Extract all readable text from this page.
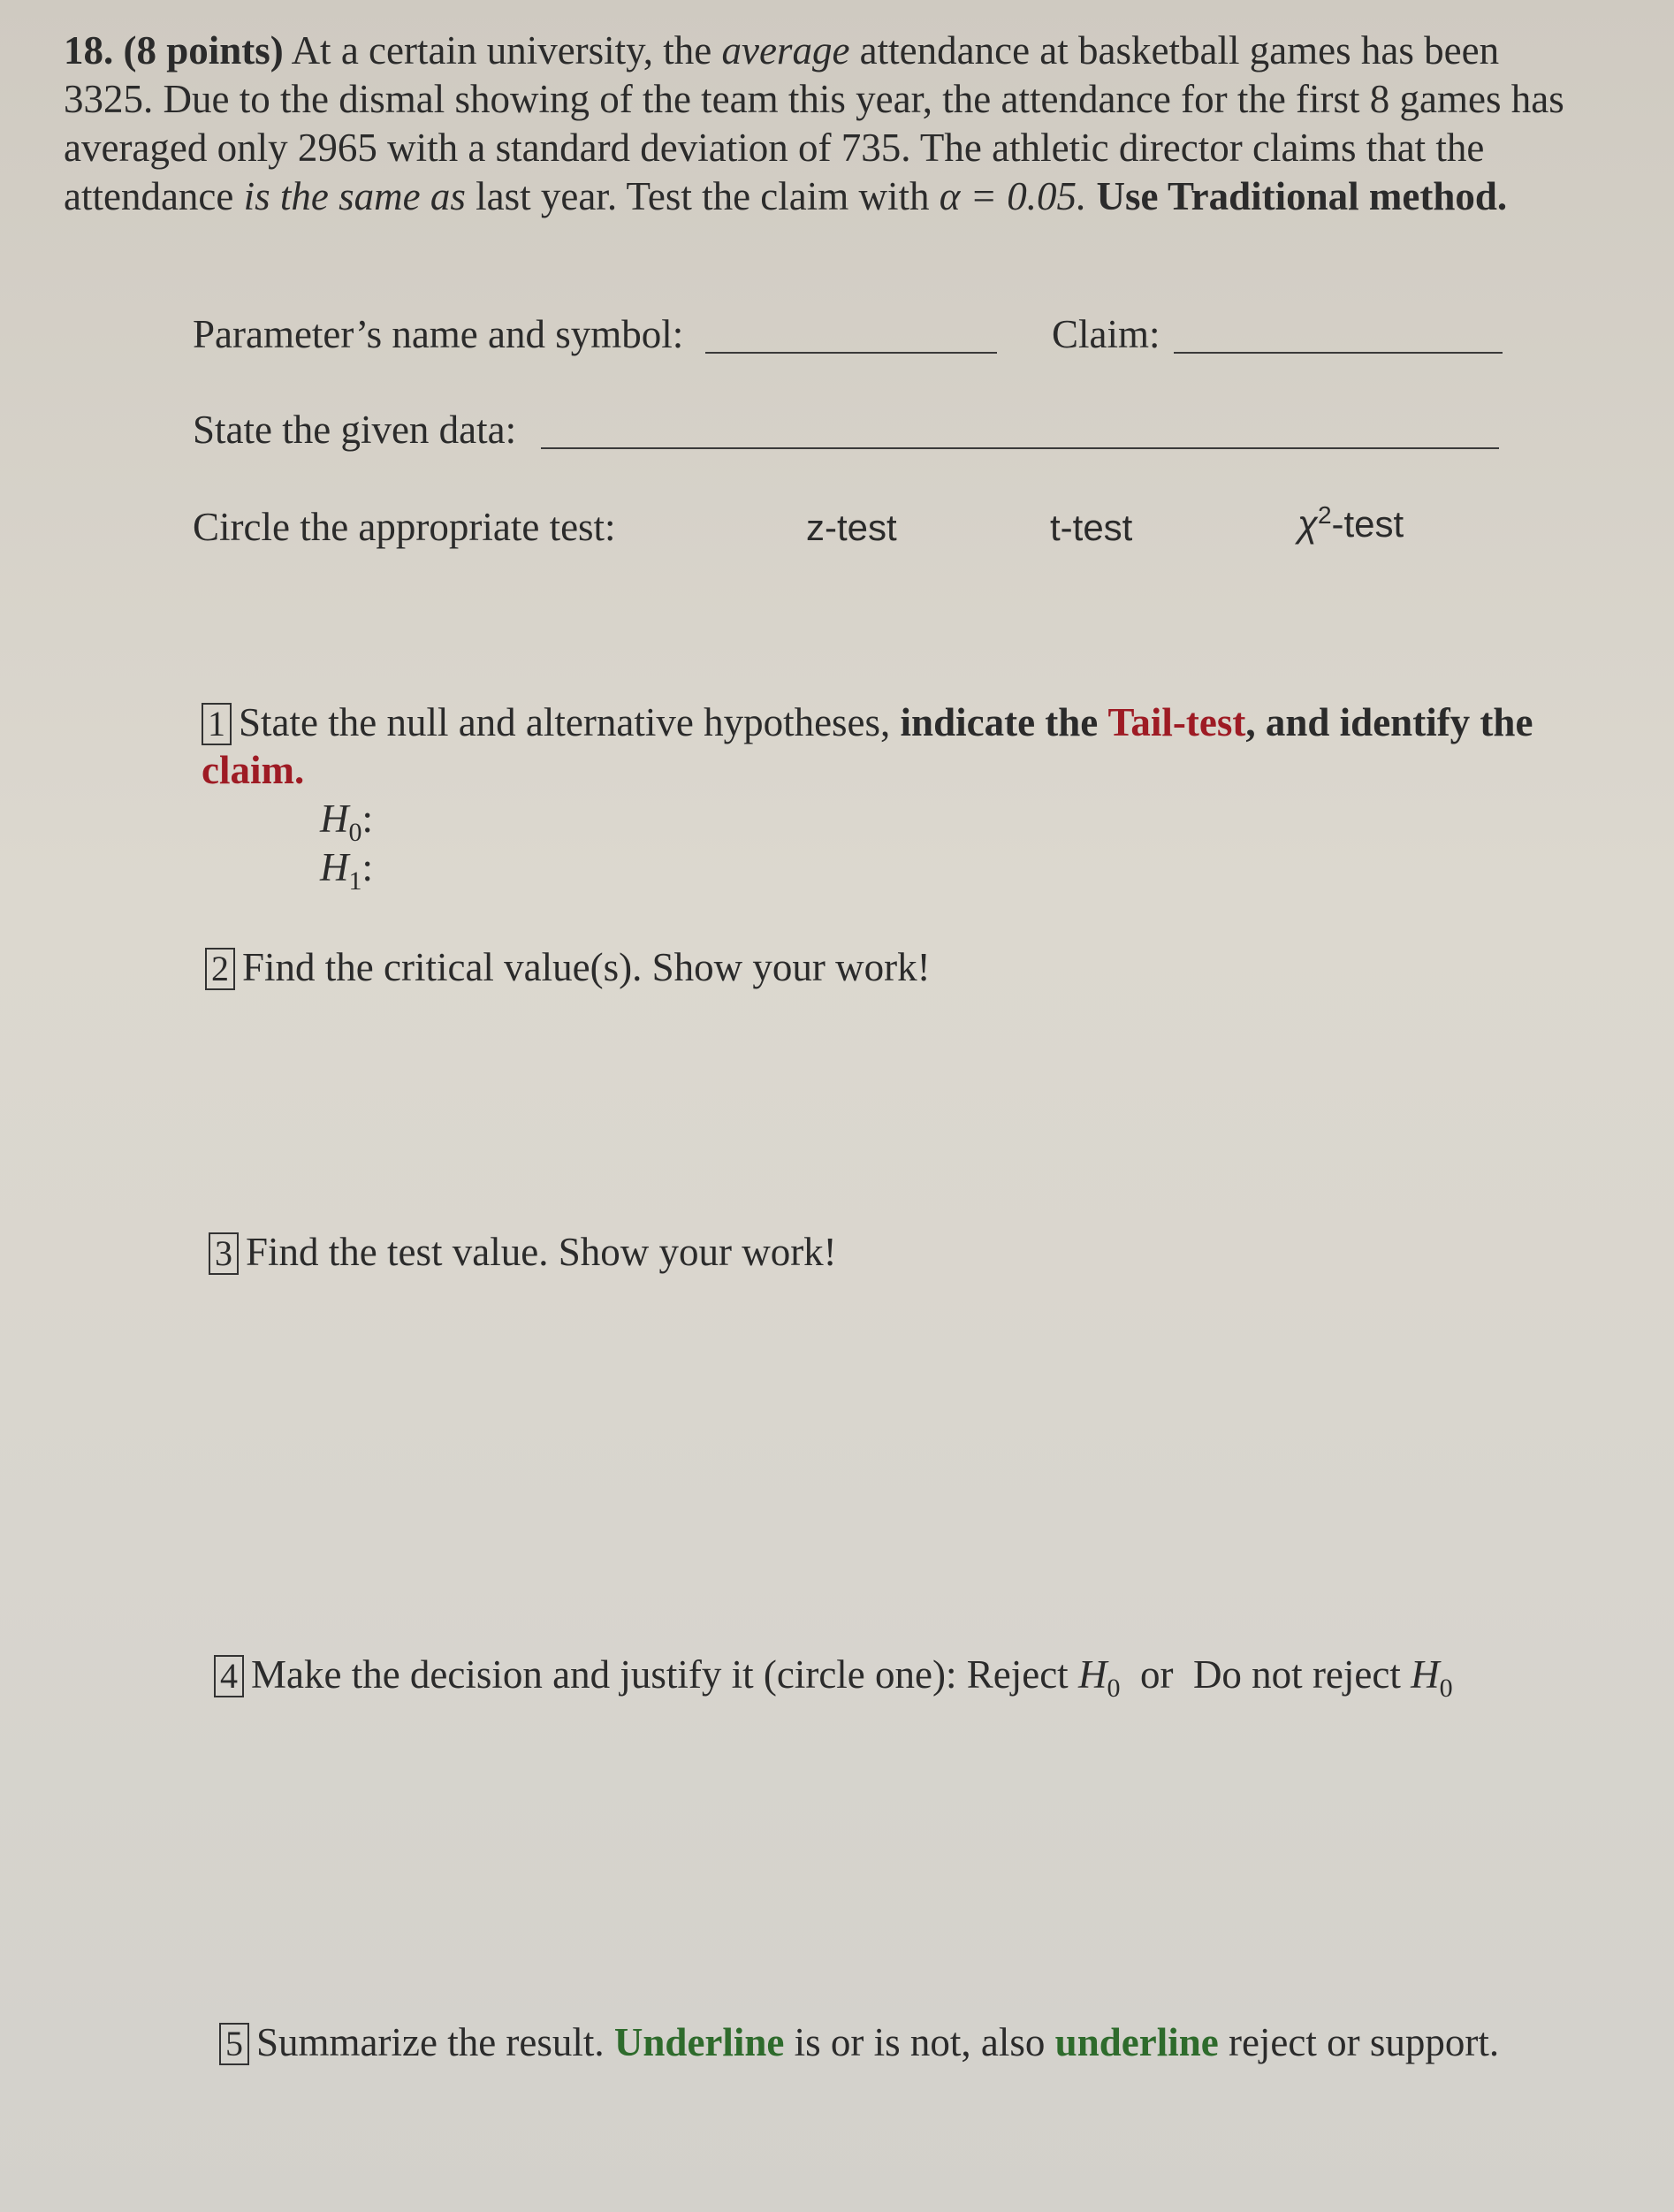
18. (8 points) At a certain university, the average attendance at basketball games has been 3325. Due to the dismal showing of the team this year, the attendance for the first 8 games has averaged only 2965 with a standard deviation of 735. The athletic director claims that the attendance is the same as last year. Test the claim with α = 0.05. Use Traditional method.
Parameter’s name and symbol:	Claim:
State the given data:
Circle the appropriate test:	z-test	t-test	$\chi^2$-test
1 State the null and alternative hypotheses, indicate the Tail-test, and identify the claim.
$H_0$:
$H_1$:
2 Find the critical value(s). Show your work!
3 Find the test value. Show your work!
4 Make the decision and justify it (circle one): Reject $H_0$ or Do not reject $H_0$
5 Summarize the result. Underline is or is not, also underline reject or support.
